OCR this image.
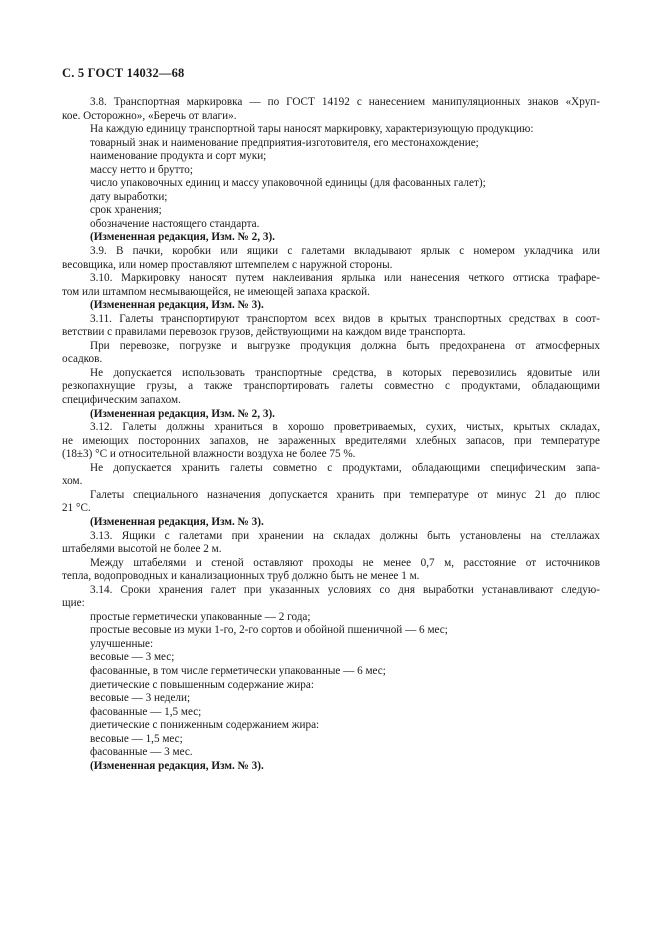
С. 5 ГОСТ 14032—68
3.8. Транспортная маркировка — по ГОСТ 14192 с нанесением манипуляционных знаков «Хруп-
кое. Осторожно», «Беречь от влаги».
На каждую единицу транспортной тары наносят маркировку, характеризующую продукцию:
товарный знак и наименование предприятия-изготовителя, его местонахождение;
наименование продукта и сорт муки;
массу нетто и брутто;
число упаковочных единиц и массу упаковочной единицы (для фасованных галет);
дату выработки;
срок хранения;
обозначение настоящего стандарта.
(Измененная редакция, Изм. № 2, 3).
3.9. В пачки, коробки или ящики с галетами вкладывают ярлык с номером укладчика или
весовщика, или номер проставляют штемпелем с наружной стороны.
3.10. Маркировку наносят путем наклеивания ярлыка или нанесения четкого оттиска трафаре-
том или штампом несмывающейся, не имеющей запаха краской.
(Измененная редакция, Изм. № 3).
3.11. Галеты транспортируют транспортом всех видов в крытых транспортных средствах в соот-
ветствии с правилами перевозок грузов, действующими на каждом виде транспорта.
При перевозке, погрузке и выгрузке продукция должна быть предохранена от атмосферных
осадков.
Не допускается использовать транспортные средства, в которых перевозились ядовитые или
резкопахнущие грузы, а также транспортировать галеты совместно с продуктами, обладающими
специфическим запахом.
(Измененная редакция, Изм. № 2, 3).
3.12. Галеты должны храниться в хорошо проветриваемых, сухих, чистых, крытых складах,
не имеющих посторонних запахов, не зараженных вредителями хлебных запасов, при температуре
(18±3) °С и относительной влажности воздуха не более 75 %.
Не допускается хранить галеты совметно с продуктами, обладающими специфическим запа-
хом.
Галеты специального назначения допускается хранить при температуре от минус 21 до плюс
21 °С.
(Измененная редакция, Изм. № 3).
3.13. Ящики с галетами при хранении на складах должны быть установлены на стеллажах
штабелями высотой не более 2 м.
Между штабелями и стеной оставляют проходы не менее 0,7 м, расстояние от источников
тепла, водопроводных и канализационных труб должно быть не менее 1 м.
3.14. Сроки хранения галет при указанных условиях со дня выработки устанавливают следую-
щие:
простые герметически упакованные — 2 года;
простые весовые из муки 1-го, 2-го сортов и обойной пшеничной — 6 мес;
улучшенные:
весовые — 3 мес;
фасованные, в том числе герметически упакованные — 6 мес;
диетические с повышенным содержание жира:
весовые — 3 недели;
фасованные — 1,5 мес;
диетические с пониженным содержанием жира:
весовые — 1,5 мес;
фасованные — 3 мес.
(Измененная редакция, Изм. № 3).
